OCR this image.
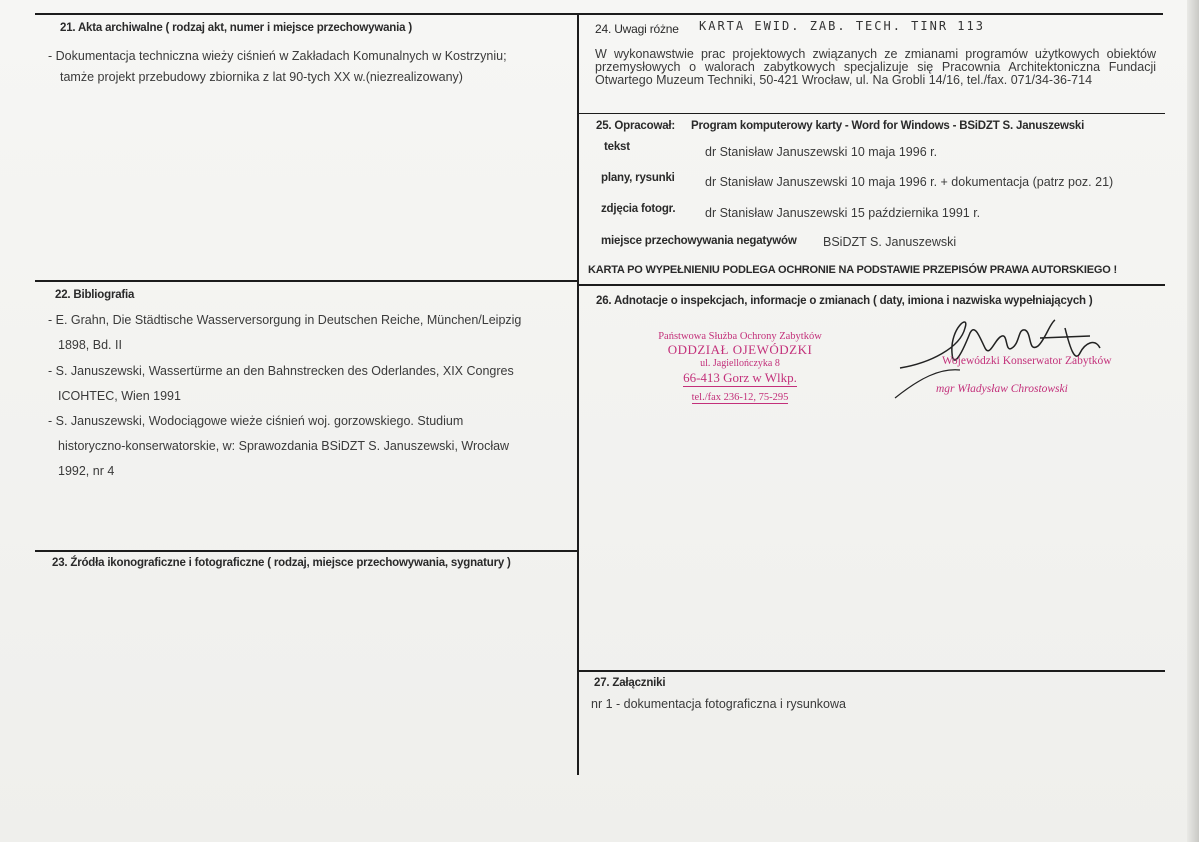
21. Akta archiwalne ( rodzaj akt, numer i miejsce przechowywania )
- Dokumentacja techniczna wieży ciśnień w Zakładach Komunalnych w Kostrzyniu;
tamże projekt przebudowy zbiornika z lat 90-tych XX w.(niezrealizowany)
24. Uwagi różne KARTA EWID. ZAB. TECH. TINR 113
W wykonawstwie prac projektowych związanych ze zmianami programów użytkowych obiektów przemysłowych o walorach zabytkowych specjalizuje się Pracownia Architektoniczna Fundacji Otwartego Muzeum Techniki, 50-421 Wrocław, ul. Na Grobli 14/16, tel./fax. 071/34-36-714
25. Opracował: Program komputerowy karty - Word for Windows - BSiDZT S. Januszewski
tekst	dr Stanisław Januszewski 10 maja 1996 r.
plany, rysunki dr Stanisław Januszewski 10 maja 1996 r. + dokumentacja (patrz poz. 21)
zdjęcia fotogr. dr Stanisław Januszewski 15 października 1991 r.
miejsce przechowywania negatywów BSiDZT S. Januszewski
KARTA PO WYPEŁNIENIU PODLEGA OCHRONIE NA PODSTAWIE PRZEPISÓW PRAWA AUTORSKIEGO !
22. Bibliografia
- E. Grahn, Die Städtische Wasserversorgung in Deutschen Reiche, München/Leipzig
1898, Bd. II
- S. Januszewski, Wassertürme an den Bahnstrecken des Oderlandes, XIX Congres
ICOHTEC, Wien 1991
- S. Januszewski, Wodociągowe wieże ciśnień woj. gorzowskiego. Studium
historyczno-konserwatorskie, w: Sprawozdania BSiDZT S. Januszewski, Wrocław
1992, nr 4
26. Adnotacje o inspekcjach, informacje o zmianach ( daty, imiona i nazwiska wypełniających )
Państwowa Służba Ochrony Zabytków
ODDZIAŁ OJEWÓDZKI
ul. Jagiellończyka 8
66-413 Gorz w Wlkp. tel./fax 236-12, 75-295
Wojewódzki Konserwator Zabytków
mgr Władysław Chrostowski
23. Źródła ikonograficzne i fotograficzne ( rodzaj, miejsce przechowywania, sygnatury )
27. Załączniki
nr 1 - dokumentacja fotograficzna i rysunkowa
